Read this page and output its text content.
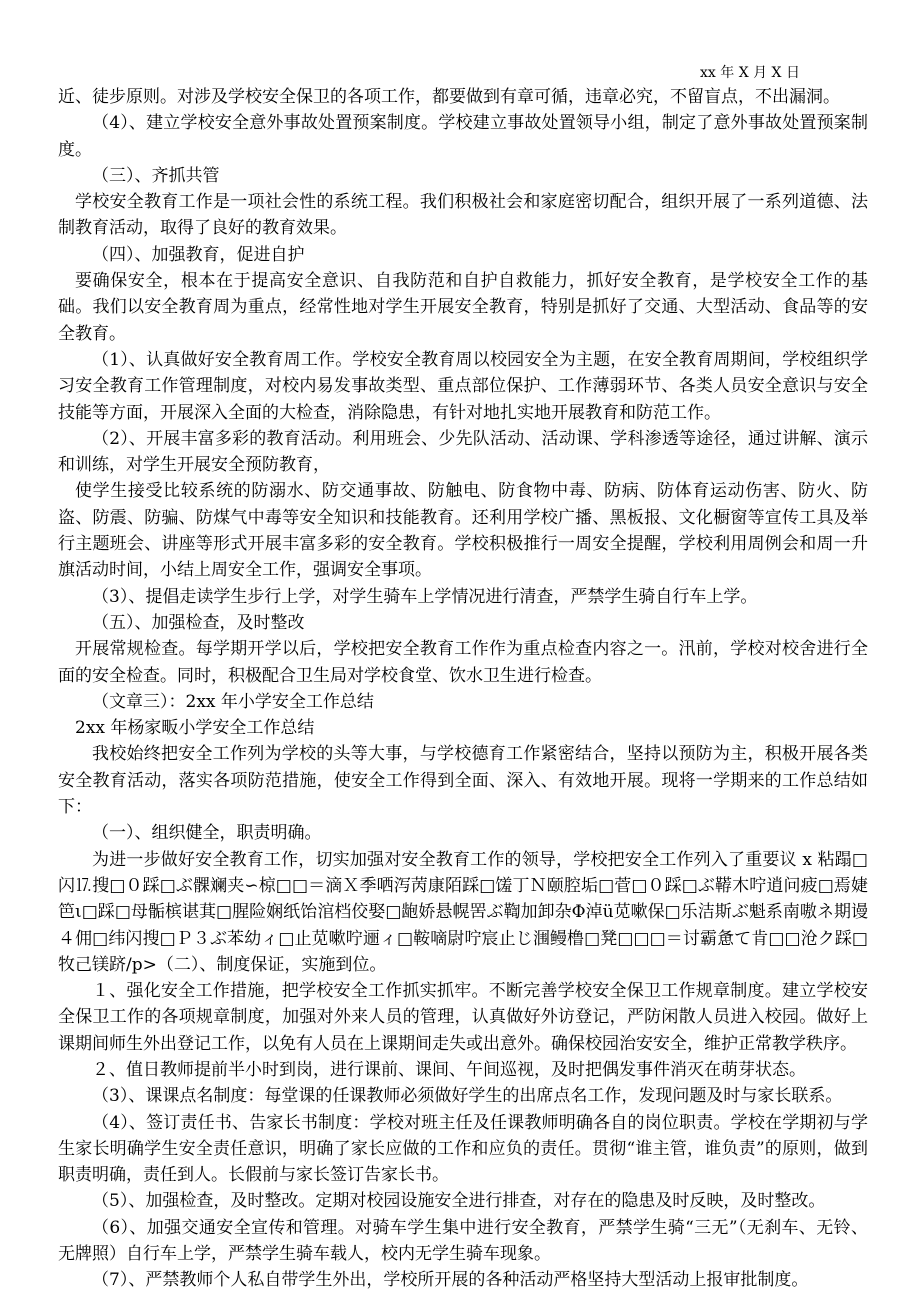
xx 年 X 月 X 日

近、徒步原则。对涉及学校安全保卫的各项工作，都要做到有章可循，违章必究，不留盲点，不出漏洞。

（4）、建立学校安全意外事故处置预案制度。学校建立事故处置领导小组，制定了意外事故处置预案制度。

（三）、齐抓共管

学校安全教育工作是一项社会性的系统工程。我们积极社会和家庭密切配合，组织开展了一系列道德、法制教育活动，取得了良好的教育效果。

（四）、加强教育，促进自护

要确保安全，根本在于提高安全意识、自我防范和自护自救能力，抓好安全教育，是学校安全工作的基础。我们以安全教育周为重点，经常性地对学生开展安全教育，特别是抓好了交通、大型活动、食品等的安全教育。

（1）、认真做好安全教育周工作。学校安全教育周以校园安全为主题，在安全教育周期间，学校组织学习安全教育工作管理制度，对校内易发事故类型、重点部位保护、工作薄弱环节、各类人员安全意识与安全技能等方面，开展深入全面的大检查，消除隐患，有针对地扎实地开展教育和防范工作。

（2）、开展丰富多彩的教育活动。利用班会、少先队活动、活动课、学科渗透等途径，通过讲解、演示和训练，对学生开展安全预防教育，

使学生接受比较系统的防溺水、防交通事故、防触电、防食物中毒、防病、防体育运动伤害、防火、防盗、防震、防骗、防煤气中毒等安全知识和技能教育。还利用学校广播、黑板报、文化橱窗等宣传工具及举行主题班会、讲座等形式开展丰富多彩的安全教育。学校积极推行一周安全提醒，学校利用周例会和周一升旗活动时间，小结上周安全工作，强调安全事项。

（3）、提倡走读学生步行上学，对学生骑车上学情况进行清查，严禁学生骑自行车上学。

（五）、加强检查，及时整改

开展常规检查。每学期开学以后，学校把安全教育工作作为重点检查内容之一。汛前，学校对校舍进行全面的安全检查。同时，积极配合卫生局对学校食堂、饮水卫生进行检查。

（文章三）：2xx 年小学安全工作总结

2xx 年杨家畈小学安全工作总结

我校始终把安全工作列为学校的头等大事，与学校德育工作紧密结合，坚持以预防为主，积极开展各类安全教育活动，落实各项防范措施，使安全工作得到全面、深入、有效地开展。现将一学期来的工作总结如下：

（一）、组织健全，职责明确。

为进一步做好安全教育工作，切实加强对安全教育工作的领导，学校把安全工作列入了重要议 x 粘蹋□闪⒘搜□０踩□ぶ髁斓夹∽椋□□＝滴Ｘ季哂泻苪康陌踩□馐丁Ｎ颐腔垢□菅□０踩□ぶ鞯木咛逍问疲□焉婕笆ι□踩□母骺槟谌萁□腥险娴纸饴涫档佼娶□龅娇悬幌罟ぶ鞫加卸杂Φ淖ü苋嗽保□乐洁斯ぶ魁系南嗷ネ期谩４佣□纬闪搜□Ｐ３ぶ苯幼ィ□止苋嗽咛逦ィ□鞍嘀尉咛宸止じ涠鳗橹□凳□□□＝讨霸惫て肯□□沧ク踩□牧己镁跻/p>（二）、制度保证，实施到位。

１、强化安全工作措施，把学校安全工作抓实抓牢。不断完善学校安全保卫工作规章制度。建立学校安全保卫工作的各项规章制度，加强对外来人员的管理，认真做好外访登记，严防闲散人员进入校园。做好上课期间师生外出登记工作，以免有人员在上课期间走失或出意外。确保校园治安安全，维护正常教学秩序。

２、值日教师提前半小时到岗，进行课前、课间、午间巡视，及时把偶发事件消灭在萌芽状态。

（3）、课课点名制度：每堂课的任课教师必须做好学生的出席点名工作，发现问题及时与家长联系。

（4）、签订责任书、告家长书制度：学校对班主任及任课教师明确各自的岗位职责。学校在学期初与学生家长明确学生安全责任意识，明确了家长应做的工作和应负的责任。贯彻“谁主管，谁负责”的原则，做到职责明确，责任到人。长假前与家长签订告家长书。

（5）、加强检查，及时整改。定期对校园设施安全进行排查，对存在的隐患及时反映，及时整改。

（6）、加强交通安全宣传和管理。对骑车学生集中进行安全教育，严禁学生骑“三无”（无刹车、无铃、无牌照）自行车上学，严禁学生骑车载人，校内无学生骑车现象。

（7）、严禁教师个人私自带学生外出，学校所开展的各种活动严格坚持大型活动上报审批制度。
